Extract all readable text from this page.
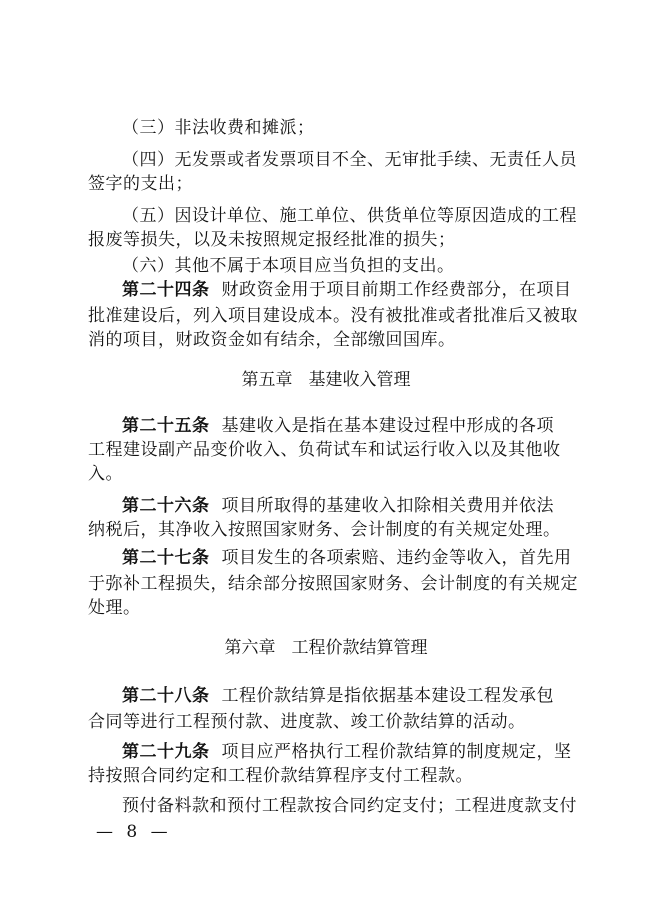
（三）非法收费和摊派；
（四）无发票或者发票项目不全、无审批手续、无责任人员
签字的支出；
（五）因设计单位、施工单位、供货单位等原因造成的工程
报废等损失，以及未按照规定报经批准的损失；
（六）其他不属于本项目应当负担的支出。
第二十四条 财政资金用于项目前期工作经费部分，在项目
批准建设后，列入项目建设成本。没有被批准或者批准后又被取
消的项目，财政资金如有结余，全部缴回国库。
第五章 基建收入管理
第二十五条 基建收入是指在基本建设过程中形成的各项
工程建设副产品变价收入、负荷试车和试运行收入以及其他收
入。
第二十六条 项目所取得的基建收入扣除相关费用并依法
纳税后，其净收入按照国家财务、会计制度的有关规定处理。
第二十七条 项目发生的各项索赔、违约金等收入，首先用
于弥补工程损失，结余部分按照国家财务、会计制度的有关规定
处理。
第六章 工程价款结算管理
第二十八条 工程价款结算是指依据基本建设工程发承包
合同等进行工程预付款、进度款、竣工价款结算的活动。
第二十九条 项目应严格执行工程价款结算的制度规定，坚
持按照合同约定和工程价款结算程序支付工程款。
预付备料款和预付工程款按合同约定支付；工程进度款支付
— 8 —
